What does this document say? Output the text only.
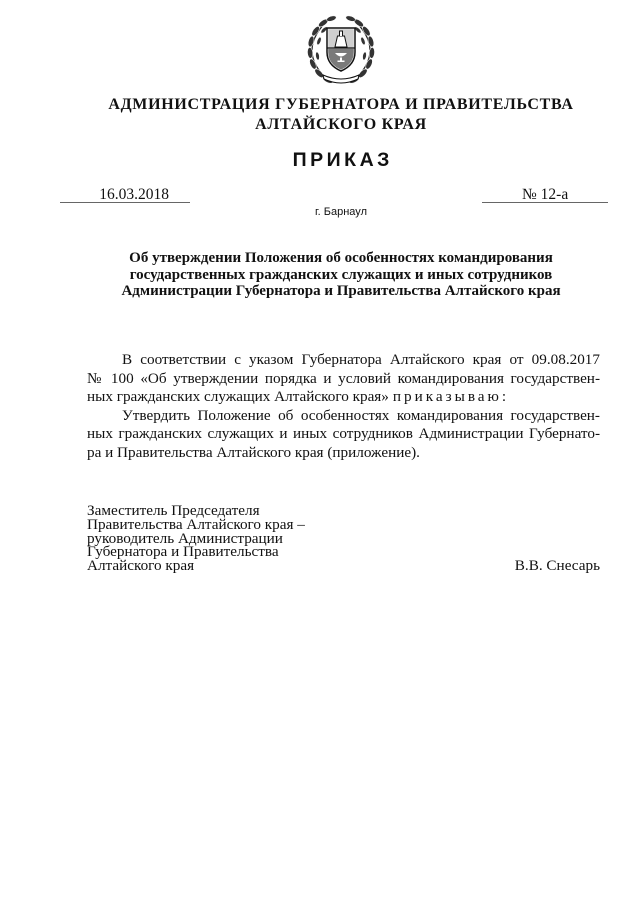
АДМИНИСТРАЦИЯ ГУБЕРНАТОРА И ПРАВИТЕЛЬСТВА
АЛТАЙСКОГО КРАЯ
ПРИКАЗ
16.03.2018	№ 12-а
г. Барнаул
Об утверждении Положения об особенностях командирования
государственных гражданских служащих и иных сотрудников
Администрации Губернатора и Правительства Алтайского края
В соответствии с указом Губернатора Алтайского края от 09.08.2017
№ 100 «Об утверждении порядка и условий командирования государствен-
ных гражданских служащих Алтайского края» приказываю:
Утвердить Положение об особенностях командирования государствен-
ных гражданских служащих и иных сотрудников Администрации Губернато-
ра и Правительства Алтайского края (приложение).
Заместитель Председателя
Правительства Алтайского края –
руководитель Администрации
Губернатора и Правительства
Алтайского края	В.В. Снесарь
